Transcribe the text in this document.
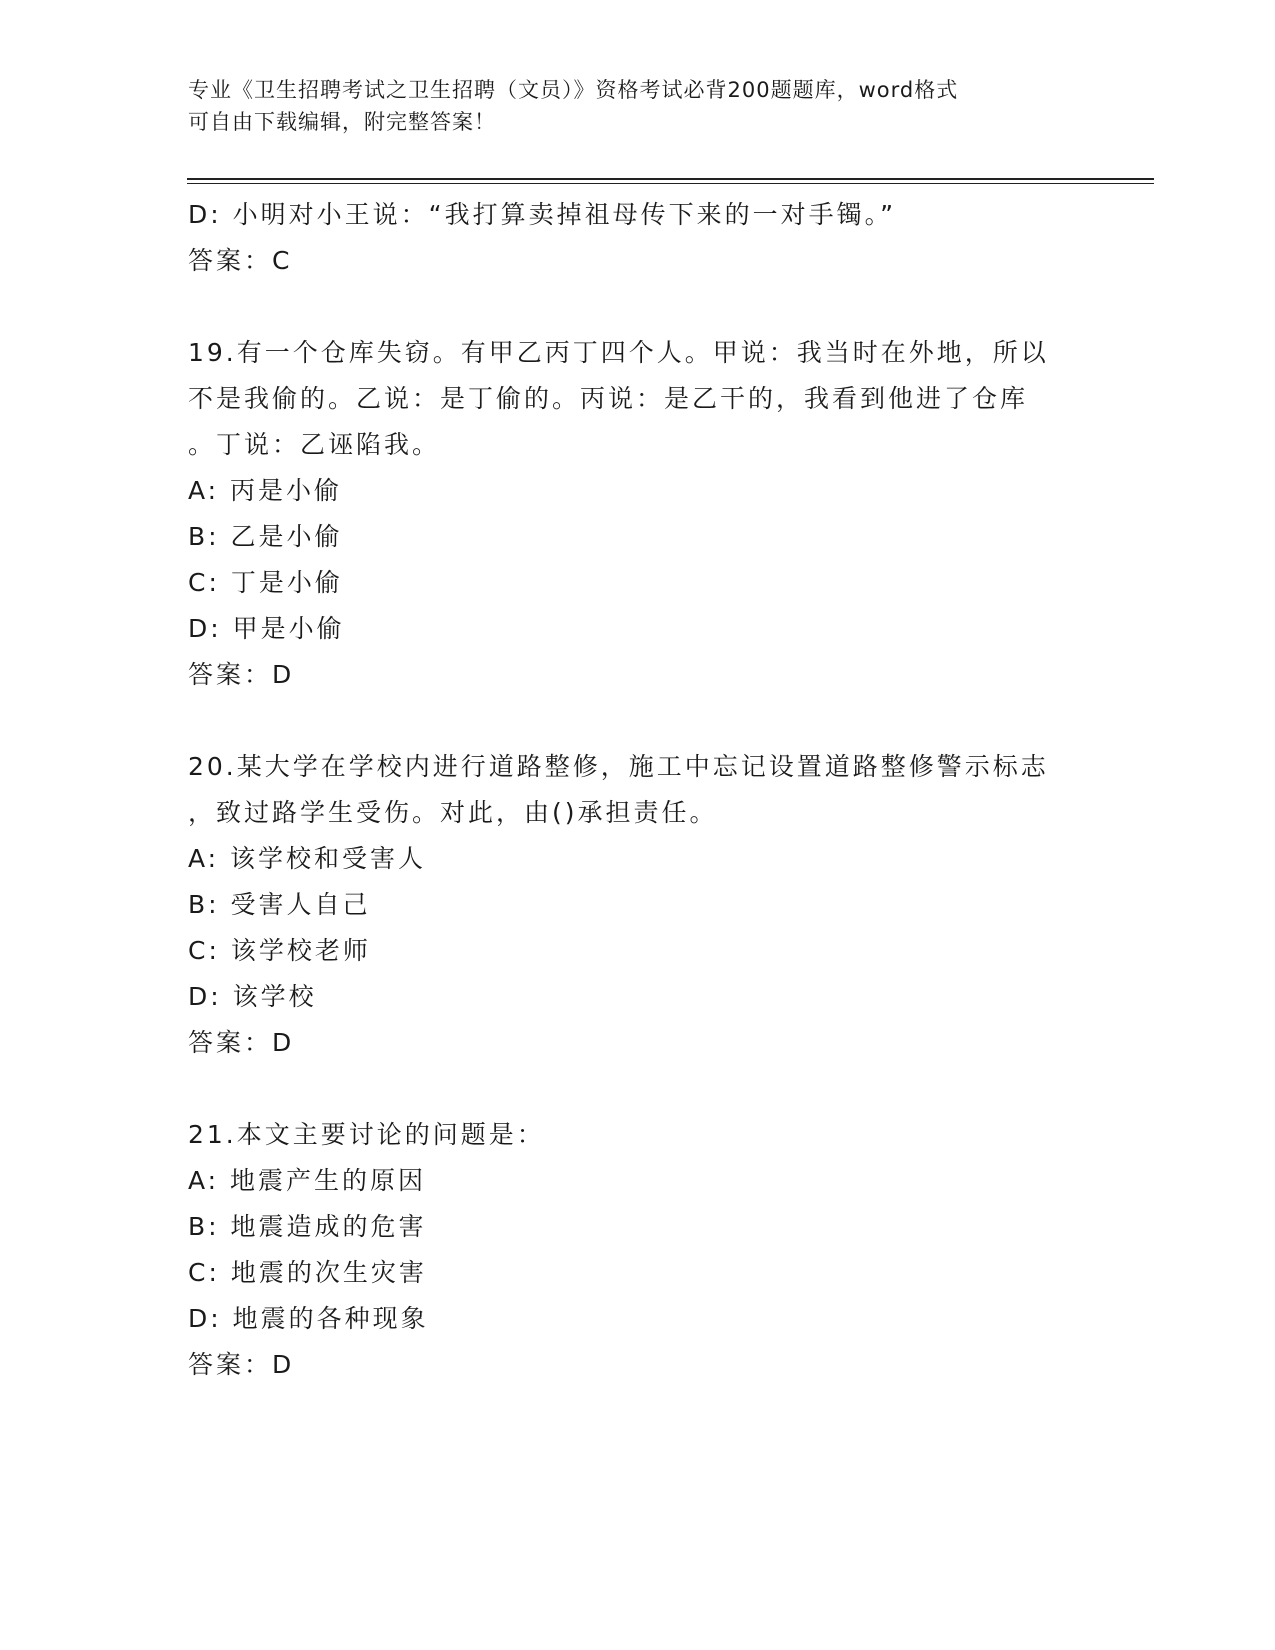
专业《卫生招聘考试之卫生招聘（文员）》资格考试必背200题题库，word格式
可自由下载编辑，附完整答案！
D: 小明对小王说：“我打算卖掉祖母传下来的一对手镯。”
答案：C
19.有一个仓库失窃。有甲乙丙丁四个人。甲说：我当时在外地，所以
不是我偷的。乙说：是丁偷的。丙说：是乙干的，我看到他进了仓库
。丁说：乙诬陷我。
A: 丙是小偷
B: 乙是小偷
C: 丁是小偷
D: 甲是小偷
答案：D
20.某大学在学校内进行道路整修，施工中忘记设置道路整修警示标志
，致过路学生受伤。对此，由()承担责任。
A: 该学校和受害人
B: 受害人自己
C: 该学校老师
D: 该学校
答案：D
21.本文主要讨论的问题是：
A: 地震产生的原因
B: 地震造成的危害
C: 地震的次生灾害
D: 地震的各种现象
答案：D
